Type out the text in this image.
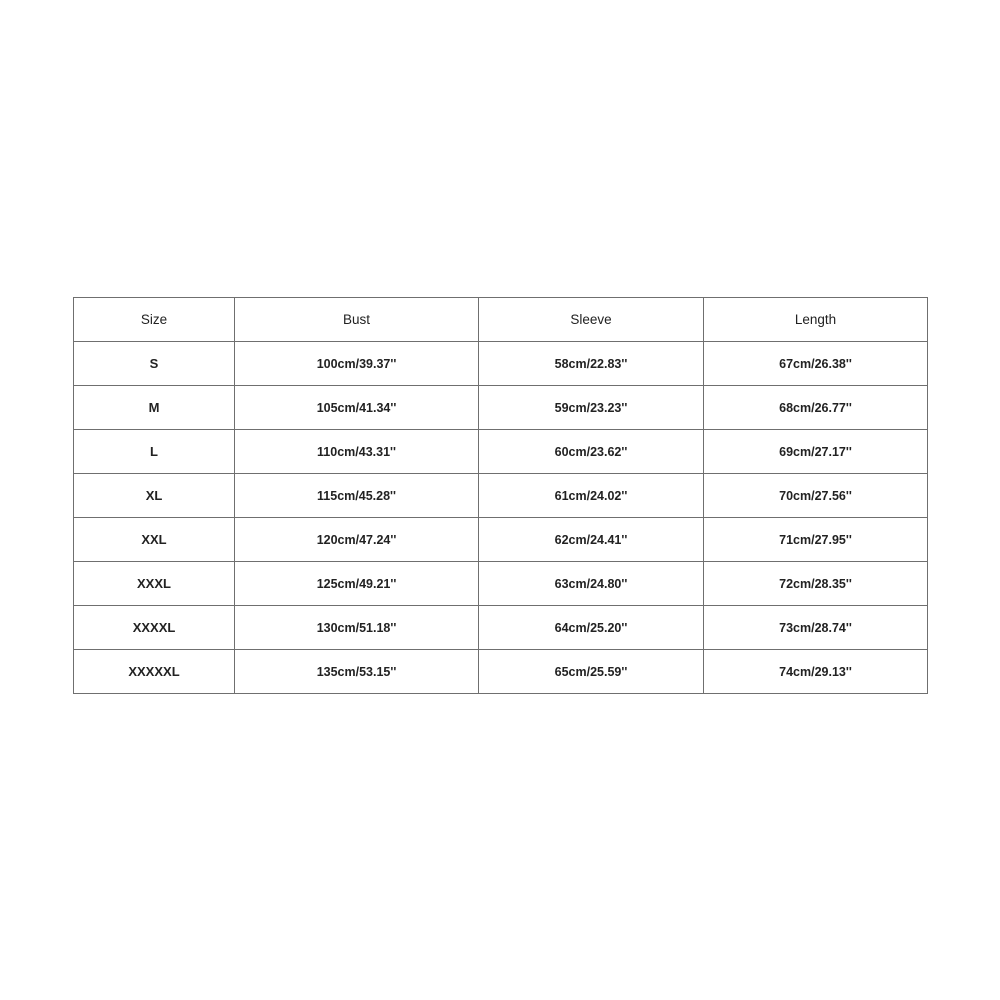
Size	Bust	Sleeve	Length
S	100cm/39.37''	58cm/22.83''	67cm/26.38''
M	105cm/41.34''	59cm/23.23''	68cm/26.77''
L	110cm/43.31''	60cm/23.62''	69cm/27.17''
XL	115cm/45.28''	61cm/24.02''	70cm/27.56''
XXL	120cm/47.24''	62cm/24.41''	71cm/27.95''
XXXL	125cm/49.21''	63cm/24.80''	72cm/28.35''
XXXXL	130cm/51.18''	64cm/25.20''	73cm/28.74''
XXXXXL	135cm/53.15''	65cm/25.59''	74cm/29.13''
